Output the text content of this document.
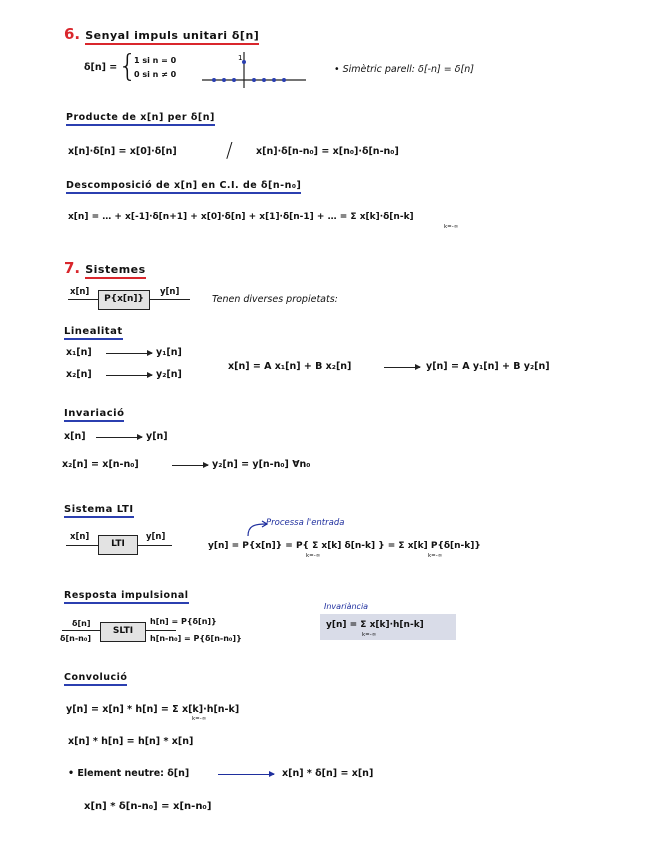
6. Senyal impuls unitari δ[n]
δ[n] = {
1 si n = 0
0 si n ≠ 0
1
• Simètric parell: δ[-n] = δ[n]
Producte de x[n] per δ[n]
x[n]·δ[n] = x[0]·δ[n] / x[n]·δ[n-n₀] = x[n₀]·δ[n-n₀]
Descomposició de x[n] en C.I. de δ[n-n₀]
x[n] = … + x[-1]·δ[n+1] + x[0]·δ[n] + x[1]·δ[n-1] + … = Σ x[k]·δ[n-k]
k=-∞
7. Sistemes
x[n]
P{x[n]}
y[n]
Tenen diverses propietats:
Linealitat
x₁[n]	y₁[n]
x₂[n]	y₂[n]
x[n] = A x₁[n] + B x₂[n]	y[n] = A y₁[n] + B y₂[n]
Invariació
x[n]	y[n]
x₂[n] = x[n-n₀]	y₂[n] = y[n-n₀] ∀n₀
Sistema LTI
x[n]
LTI
y[n]
Processa l'entrada
y[n] = P{x[n]} = P{ Σ x[k] δ[n-k] } = Σ x[k] P{δ[n-k]}
k=-∞	k=-∞
Resposta impulsional
δ[n]
δ[n-n₀]
SLTI
h[n] = P{δ[n]}
h[n-n₀] = P{δ[n-n₀]}
Invariància
y[n] = Σ x[k]·h[n-k]
k=-∞
Convolució
y[n] = x[n] * h[n] = Σ x[k]·h[n-k]
k=-∞
x[n] * h[n] = h[n] * x[n]
• Element neutre: δ[n]	x[n] * δ[n] = x[n]
x[n] * δ[n-n₀] = x[n-n₀]
